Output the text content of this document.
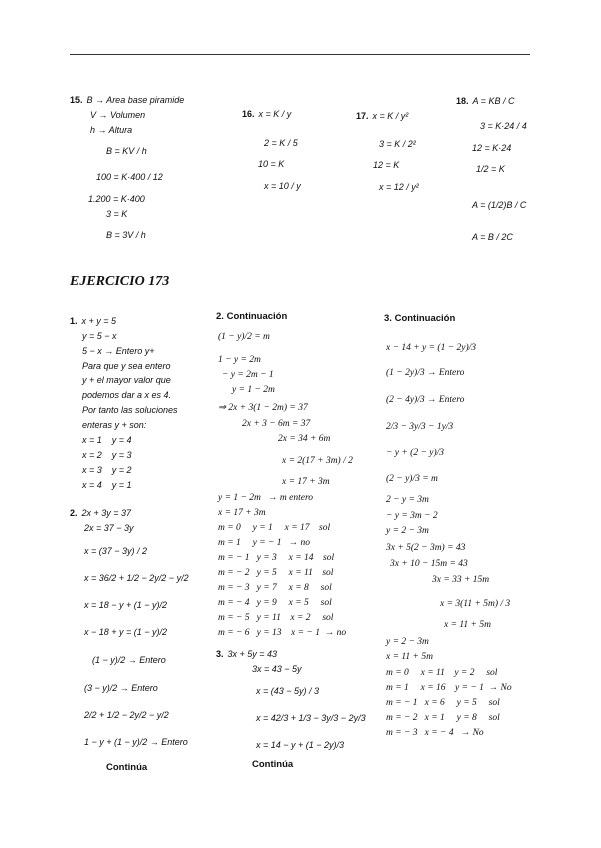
15. B → Area base piramide
V → Volumen
h → Altura
B = KV / h
100 = K·400 / 12
1.200 = K·400
3 = K
B = 3V / h
16. x = K / y
2 = K / 5
10 = K
x = 10 / y
17. x = K / y²
3 = K / 2²
12 = K
x = 12 / y²
18. A = KB / C
3 = K·24 / 4
12 = K·24
1/2 = K
A = (1/2)B / C
A = B / 2C
EJERCICIO 173
1. x + y = 5
y = 5 − x
5 − x → Entero y+
Para que y sea entero
y + el mayor valor que
podemos dar a x es 4.
Por tanto las soluciones
enteras y + son:
x = 1    y = 4
x = 2    y = 3
x = 3    y = 2
x = 4    y = 1
2. 2x + 3y = 37
2x = 37 − 3y
x = (37 − 3y) / 2
x = 36/2 + 1/2 − 2y/2 − y/2
x = 18 − y + (1 − y)/2
x − 18 + y = (1 − y)/2
(1 − y)/2 → Entero
(3 − y)/2 → Entero
2/2 + 1/2 − 2y/2 − y/2
1 − y + (1 − y)/2 → Entero
Continúa
2. Continuación
(1 − y)/2 = m
1 − y = 2m
− y = 2m − 1
y = 1 − 2m
⇒ 2x + 3(1 − 2m) = 37
2x + 3 − 6m = 37
2x = 34 + 6m
x = 2(17 + 3m) / 2
x = 17 + 3m
y = 1 − 2m   → m entero
x = 17 + 3m
m = 0     y = 1     x = 17    sol
m = 1     y = − 1   → no
m = − 1   y = 3     x = 14    sol
m = − 2   y = 5     x = 11    sol
m = − 3   y = 7     x = 8     sol
m = − 4   y = 9     x = 5     sol
m = − 5   y = 11    x = 2     sol
m = − 6   y = 13    x = − 1  → no
3. 3x + 5y = 43
3x = 43 − 5y
x = (43 − 5y) / 3
x = 42/3 + 1/3 − 3y/3 − 2y/3
x = 14 − y + (1 − 2y)/3
Continúa
3. Continuación
x − 14 + y = (1 − 2y)/3
(1 − 2y)/3 → Entero
(2 − 4y)/3 → Entero
2/3 − 3y/3 − 1y/3
− y + (2 − y)/3
(2 − y)/3 = m
2 − y = 3m
− y = 3m − 2
y = 2 − 3m
3x + 5(2 − 3m) = 43
3x + 10 − 15m = 43
3x = 33 + 15m
x = 3(11 + 5m) / 3
x = 11 + 5m
y = 2 − 3m
x = 11 + 5m
m = 0     x = 11    y = 2     sol
m = 1     x = 16    y = − 1  → No
m = − 1   x = 6     y = 5     sol
m = − 2   x = 1     y = 8     sol
m = − 3   x = − 4   → No
